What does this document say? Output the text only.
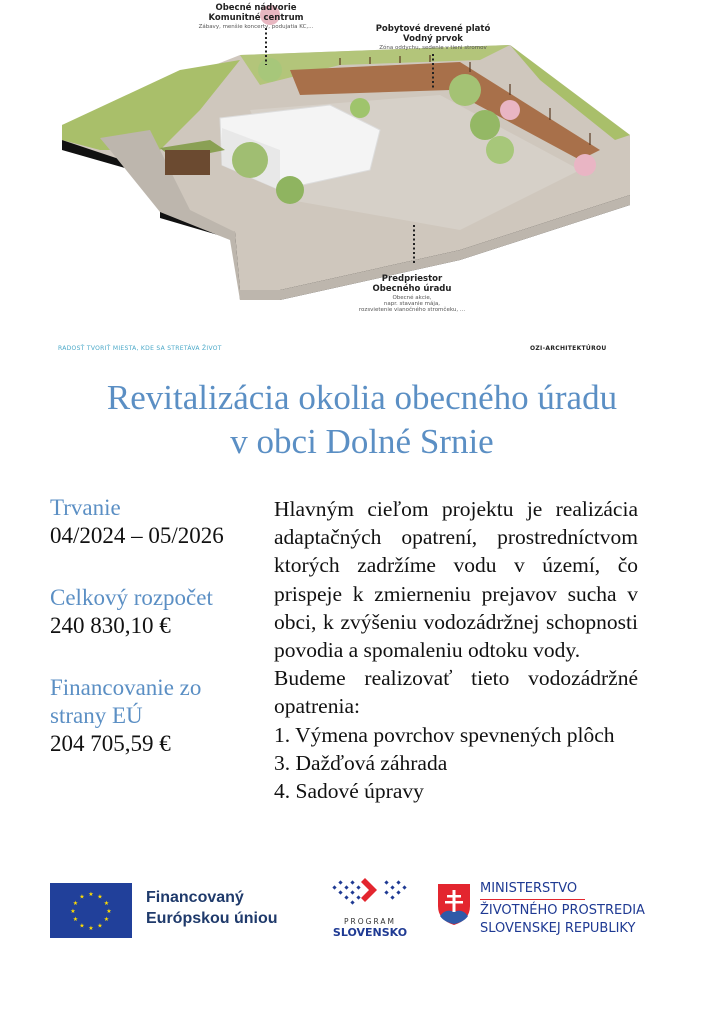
Obecné nádvorie
Komunitné centrum
Zábavy, menšie koncerty, podujatia KC,...	Pobytové drevené plató
Vodný prvok
Zóna oddychu, sedenie v tieni stromov
Predpriestor
Obecného úradu
Obecné akcie,
napr. stavanie mája,
rozsvietenie vianočného stromčeku, ...
RADOSŤ TVORIŤ MIESTA, KDE SA STRETÁVA ŽIVOT	OZI-ARCHITEKTÚROU
Revitalizácia okolia obecného úradu
v obci Dolné Srnie
Trvanie
04/2024 – 05/2026
Celkový rozpočet
240 830,10 €
Financovanie zo
strany EÚ
204 705,59 €

Hlavným cieľom projektu je realizácia adaptačných opatrení, prostredníctvom ktorých zadržíme vodu v území, čo prispeje k zmierneniu prejavov sucha v obci, k zvýšeniu vodozádržnej schopnosti povodia a spomaleniu odtoku vody.

Budeme realizovať tieto vodozádržné opatrenia:

1. Výmena povrchov spevnených plôch

3. Dažďová záhrada

4. Sadové úpravy

★ ★
★
★
★
★
★
★
★
★
★
★	Financovaný
Európskou úniou	PROGRAM
SLOVENSKO
MINISTERSTVO
ŽIVOTNÉHO PROSTREDIA
SLOVENSKEJ REPUBLIKY
